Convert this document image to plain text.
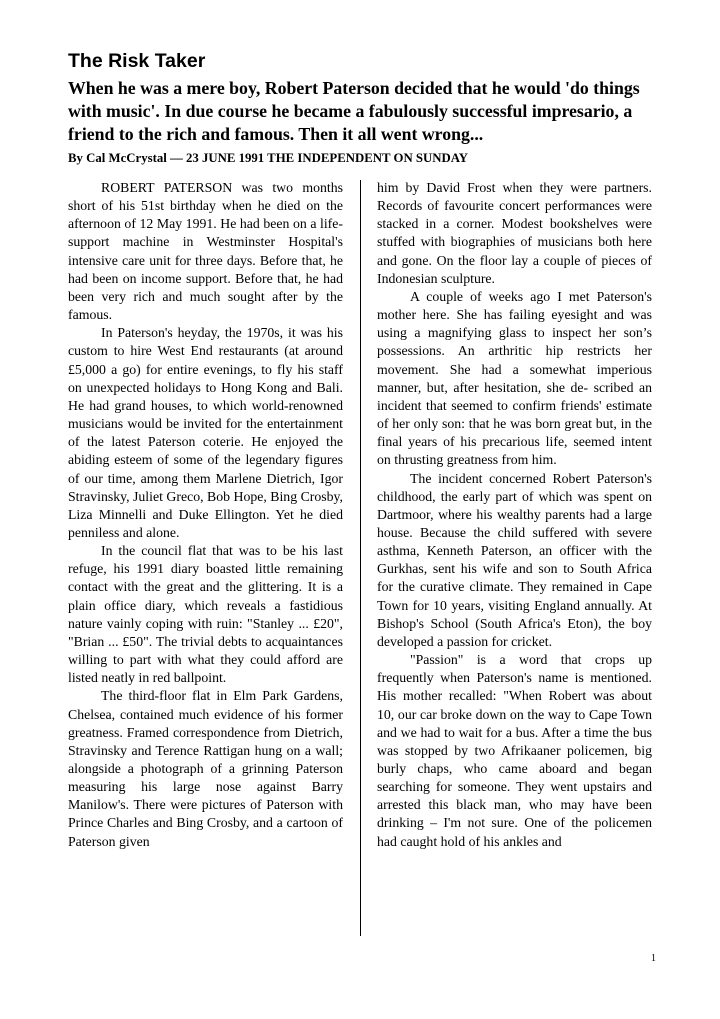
The Risk Taker

When he was a mere boy, Robert Paterson decided that he would 'do things with music'. In due course he became a fabulously successful impresario, a friend to the rich and famous. Then it all went wrong...

By Cal McCrystal — 23 JUNE 1991 THE INDEPENDENT ON SUNDAY

ROBERT PATERSON was two months short of his 51st birthday when he died on the afternoon of 12 May 1991. He had been on a life-support machine in Westminster Hospital's intensive care unit for three days. Before that, he had been on income support. Before that, he had been very rich and much sought after by the famous.

In Paterson's heyday, the 1970s, it was his custom to hire West End restaurants (at around £5,000 a go) for entire evenings, to fly his staff on unexpected holidays to Hong Kong and Bali. He had grand houses, to which world-renowned musicians would be invited for the entertainment of the latest Paterson coterie. He enjoyed the abiding esteem of some of the legendary figures of our time, among them Marlene Dietrich, Igor Stravinsky, Juliet Greco, Bob Hope, Bing Crosby, Liza Minnelli and Duke Ellington. Yet he died penniless and alone.

In the council flat that was to be his last refuge, his 1991 diary boasted little remaining contact with the great and the glittering. It is a plain office diary, which reveals a fastidious nature vainly coping with ruin: "Stanley ... £20", "Brian ... £50". The trivial debts to acquaintances willing to part with what they could afford are listed neatly in red ballpoint.

The third-floor flat in Elm Park Gardens, Chelsea, contained much evidence of his former greatness. Framed correspondence from Dietrich, Stravinsky and Terence Rattigan hung on a wall; alongside a photograph of a grinning Paterson measuring his large nose against Barry Manilow's. There were pictures of Paterson with Prince Charles and Bing Crosby, and a cartoon of Paterson given

him by David Frost when they were partners. Records of favourite concert performances were stacked in a corner. Modest bookshelves were stuffed with biographies of musicians both here and gone. On the floor lay a couple of pieces of Indonesian sculpture.

A couple of weeks ago I met Paterson's mother here. She has failing eyesight and was using a magnifying glass to inspect her son’s possessions. An arthritic hip restricts her movement. She had a somewhat imperious manner, but, after hesitation, she de- scribed an incident that seemed to confirm friends' estimate of her only son: that he was born great but, in the final years of his precarious life, seemed intent on thrusting greatness from him.

The incident concerned Robert Paterson's childhood, the early part of which was spent on Dartmoor, where his wealthy parents had a large house. Because the child suffered with severe asthma, Kenneth Paterson, an officer with the Gurkhas, sent his wife and son to South Africa for the curative climate. They remained in Cape Town for 10 years, visiting England annually. At Bishop's School (South Africa's Eton), the boy developed a passion for cricket.

"Passion" is a word that crops up frequently when Paterson's name is mentioned. His mother recalled: "When Robert was about 10, our car broke down on the way to Cape Town and we had to wait for a bus. After a time the bus was stopped by two Afrikaaner policemen, big burly chaps, who came aboard and began searching for someone. They went upstairs and arrested this black man, who may have been drinking – I'm not sure. One of the policemen had caught hold of his ankles and

1
